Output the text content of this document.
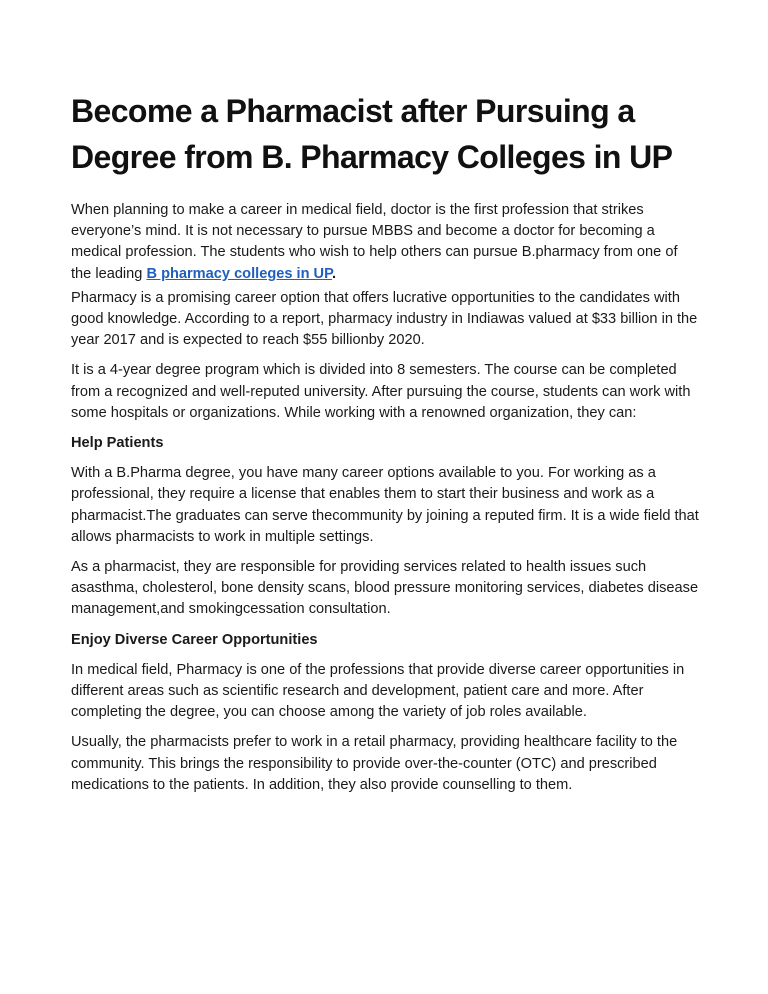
Become a Pharmacist after Pursuing a Degree from B. Pharmacy Colleges in UP

When planning to make a career in medical field, doctor is the first profession that strikes everyone’s mind. It is not necessary to pursue MBBS and become a doctor for becoming a medical profession. The students who wish to help others can pursue B.pharmacy from one of the leading B pharmacy colleges in UP.

Pharmacy is a promising career option that offers lucrative opportunities to the candidates with good knowledge. According to a report, pharmacy industry in Indiawas valued at $33 billion in the year 2017 and is expected to reach $55 billionby 2020.

It is a 4-year degree program which is divided into 8 semesters. The course can be completed from a recognized and well-reputed university. After pursuing the course, students can work with some hospitals or organizations. While working with a renowned organization, they can:

Help Patients

With a B.Pharma degree, you have many career options available to you. For working as a professional, they require a license that enables them to start their business and work as a pharmacist.The graduates can serve thecommunity by joining a reputed firm. It is a wide field that allows pharmacists to work in multiple settings.

As a pharmacist, they are responsible for providing services related to health issues such asasthma, cholesterol, bone density scans, blood pressure monitoring services, diabetes disease management,and smokingcessation consultation.

Enjoy Diverse Career Opportunities

In medical field, Pharmacy is one of the professions that provide diverse career opportunities in different areas such as scientific research and development, patient care and more. After completing the degree, you can choose among the variety of job roles available.

Usually, the pharmacists prefer to work in a retail pharmacy, providing healthcare facility to the community. This brings the responsibility to provide over-the-counter (OTC) and prescribed medications to the patients. In addition, they also provide counselling to them.
